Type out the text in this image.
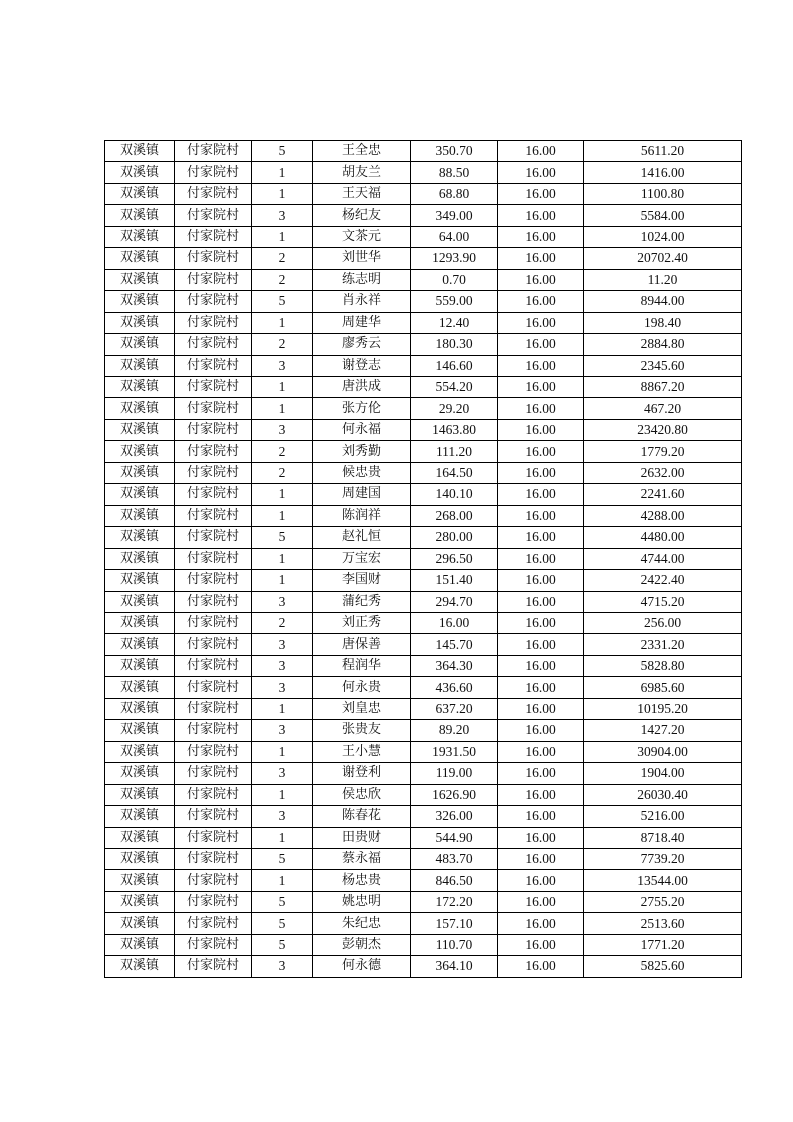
双溪镇	付家院村	5	王全忠	350.70	16.00	5611.20
双溪镇	付家院村	1	胡友兰	88.50	16.00	1416.00
双溪镇	付家院村	1	王天福	68.80	16.00	1100.80
双溪镇	付家院村	3	杨纪友	349.00	16.00	5584.00
双溪镇	付家院村	1	文茶元	64.00	16.00	1024.00
双溪镇	付家院村	2	刘世华	1293.90	16.00	20702.40
双溪镇	付家院村	2	练志明	0.70	16.00	11.20
双溪镇	付家院村	5	肖永祥	559.00	16.00	8944.00
双溪镇	付家院村	1	周建华	12.40	16.00	198.40
双溪镇	付家院村	2	廖秀云	180.30	16.00	2884.80
双溪镇	付家院村	3	谢登志	146.60	16.00	2345.60
双溪镇	付家院村	1	唐洪成	554.20	16.00	8867.20
双溪镇	付家院村	1	张方伦	29.20	16.00	467.20
双溪镇	付家院村	3	何永福	1463.80	16.00	23420.80
双溪镇	付家院村	2	刘秀勤	111.20	16.00	1779.20
双溪镇	付家院村	2	候忠贵	164.50	16.00	2632.00
双溪镇	付家院村	1	周建国	140.10	16.00	2241.60
双溪镇	付家院村	1	陈润祥	268.00	16.00	4288.00
双溪镇	付家院村	5	赵礼恒	280.00	16.00	4480.00
双溪镇	付家院村	1	万宝宏	296.50	16.00	4744.00
双溪镇	付家院村	1	李国财	151.40	16.00	2422.40
双溪镇	付家院村	3	蒲纪秀	294.70	16.00	4715.20
双溪镇	付家院村	2	刘正秀	16.00	16.00	256.00
双溪镇	付家院村	3	唐保善	145.70	16.00	2331.20
双溪镇	付家院村	3	程润华	364.30	16.00	5828.80
双溪镇	付家院村	3	何永贵	436.60	16.00	6985.60
双溪镇	付家院村	1	刘皇忠	637.20	16.00	10195.20
双溪镇	付家院村	3	张贵友	89.20	16.00	1427.20
双溪镇	付家院村	1	王小慧	1931.50	16.00	30904.00
双溪镇	付家院村	3	谢登利	119.00	16.00	1904.00
双溪镇	付家院村	1	侯忠欣	1626.90	16.00	26030.40
双溪镇	付家院村	3	陈春花	326.00	16.00	5216.00
双溪镇	付家院村	1	田贵财	544.90	16.00	8718.40
双溪镇	付家院村	5	蔡永福	483.70	16.00	7739.20
双溪镇	付家院村	1	杨忠贵	846.50	16.00	13544.00
双溪镇	付家院村	5	姚忠明	172.20	16.00	2755.20
双溪镇	付家院村	5	朱纪忠	157.10	16.00	2513.60
双溪镇	付家院村	5	彭朝杰	110.70	16.00	1771.20
双溪镇	付家院村	3	何永德	364.10	16.00	5825.60
